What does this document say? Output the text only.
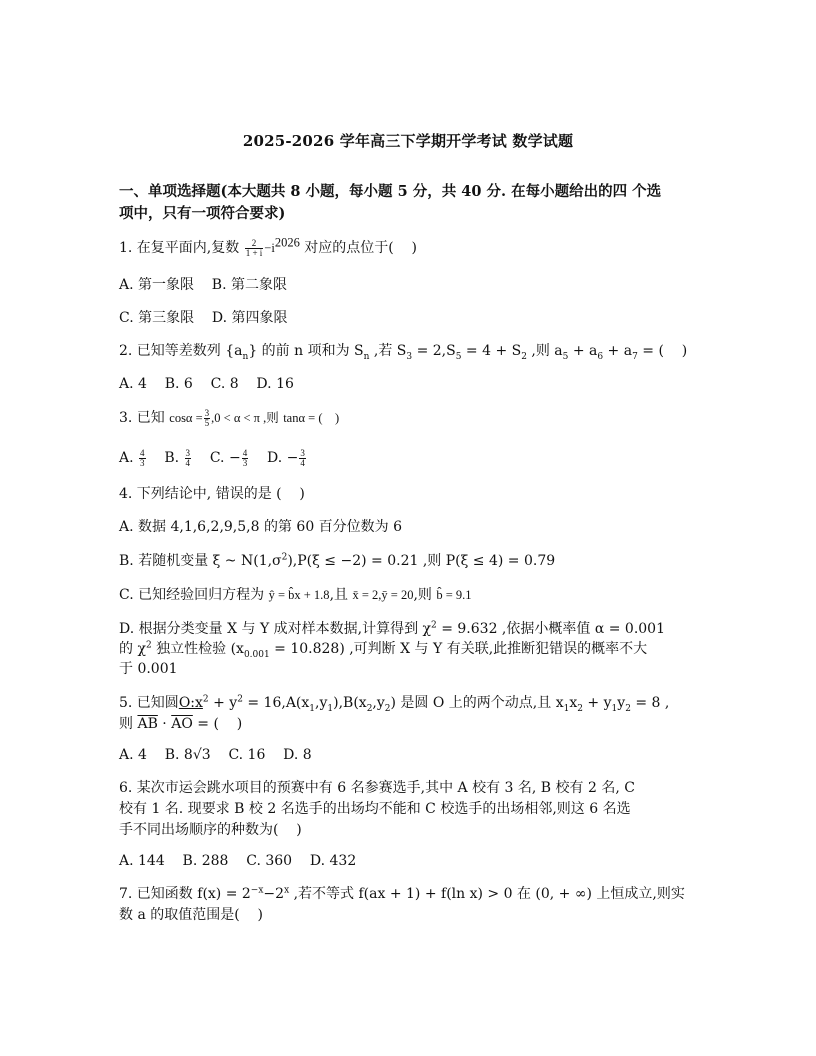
2025-2026 学年高三下学期开学考试 数学试题
一、单项选择题(本大题共 8 小题，每小题 5 分，共 40 分. 在每小题给出的四 个选
项中，只有一项符合要求)
1. 在复平面内,复数 $\frac{2}{1 + i} -i^{2026}$ 对应的点位于(    )
A. 第一象限    B. 第二象限
C. 第三象限    D. 第四象限
2. 已知等差数列 $\{a_n\}$ 的前 n 项和为 $S_n$ ,若 $S_3 = 2,S_5 = 4 + S_2$ ,则 $a_5 + a_6 + a_7$ = (    )
A. 4    B. 6    C. 8    D. 16
3. 已知 $\cos\alpha = \frac{3}{5} ,0 < \alpha < \pi$ ,则 tanα = (    )
A. $\frac{4}{3} B$. $\frac{3}{4} C$. − $\frac{4}{3} D$. − $\frac{3}{4}$
4. 下列结论中, 错误的是 (    )
A. 数据 4,1,6,2,9,5,8 的第 60 百分位数为 6
B. 若随机变量 ξ ~ $N(1,\sigma^2),P(\xi \le -2) = 0.21$ ,则 P(ξ ≤ 4) = 0.79
C. 已知经验回归方程为 ŷ = b̂x + 1.8,且 x̄ = 2,ȳ = 20,则 b̂ = 9.1
D. 根据分类变量 X 与 Y 成对样本数据,计算得到 $\chi^2 = 9.632$ ,依据小概率值 α = 0.001
的 $\chi^2$ 独立性检验 $(x_{0.001} = 10.828)$ ,可判断 X 与 Y 有关联,此推断犯错误的概率不大
于 0.001
5. 已知圆$O:x^2 + y^2 = 16,A(x_1,y_1),B(x_2,y_2)$ 是圆 O 上的两个动点,且 $x_1x_2 + y_1y_2 = 8$ ,
则 $\overline{AB} \cdot \overline{AO}$ = (    )
A. 4    B. 8√3    C. 16    D. 8
6. 某次市运会跳水项目的预赛中有 6 名参赛选手,其中 A 校有 3 名, B 校有 2 名, C
校有 1 名. 现要求 B 校 2 名选手的出场均不能和 C 校选手的出场相邻,则这 6 名选
手不同出场顺序的种数为(    )
A. 144    B. 288    C. 360    D. 432
7. 已知函数 $f(x) = 2^{-x}-2^x$ ,若不等式 f(ax + 1) + f(ln x) > 0 在 (0, + ∞) 上恒成立,则实
数 a 的取值范围是(    )
